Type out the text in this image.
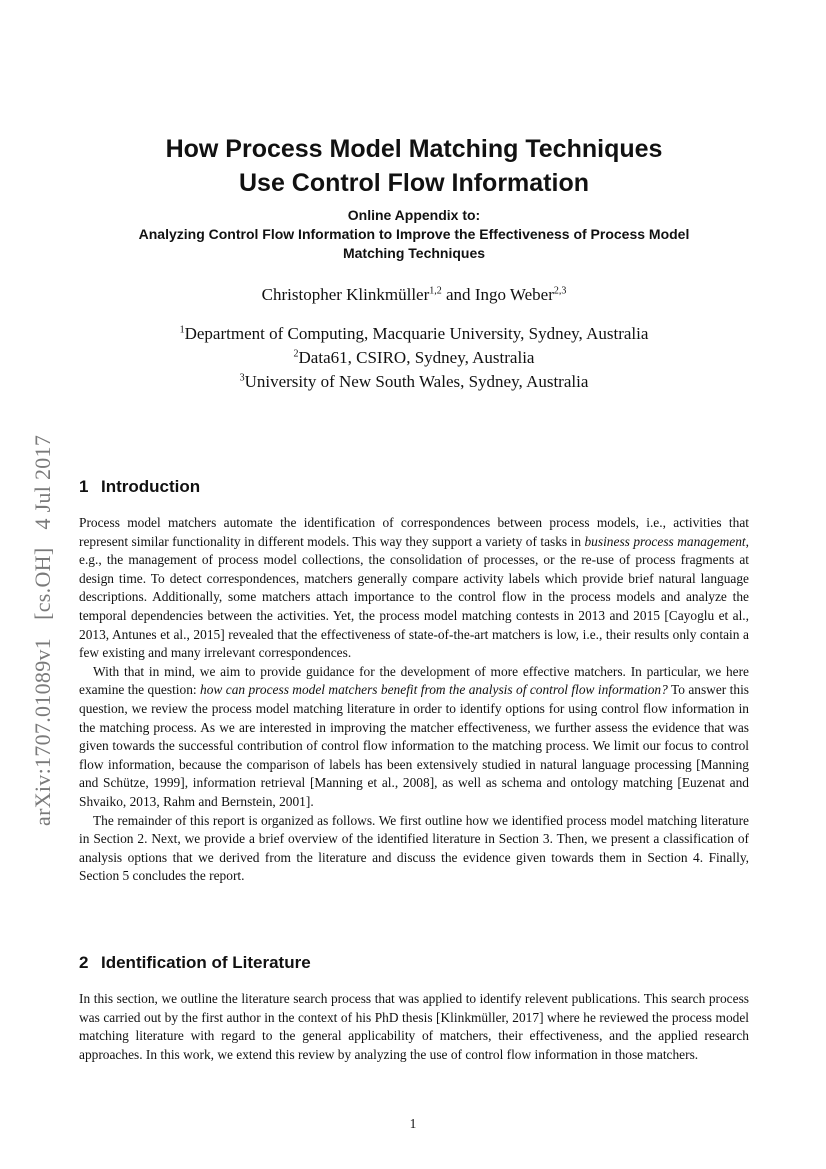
arXiv:1707.01089v1[cs.OH]4 Jul 2017
How Process Model Matching Techniques
Use Control Flow Information
Online Appendix to:
Analyzing Control Flow Information to Improve the Effectiveness of Process Model
Matching Techniques
Christopher Klinkmüller$^{1,2}$ and Ingo Weber$^{2,3}$
$^1$Department of Computing, Macquarie University, Sydney, Australia
$^2$Data61, CSIRO, Sydney, Australia
$^3$University of New South Wales, Sydney, Australia
1 Introduction

Process model matchers automate the identification of correspondences between process models, i.e., activities that represent similar functionality in different models. This way they support a variety of tasks in business process management, e.g., the management of process model collections, the consolidation of processes, or the re-use of process fragments at design time. To detect correspondences, matchers generally compare activity labels which provide brief natural language descriptions. Additionally, some matchers attach importance to the control flow in the process models and analyze the temporal dependencies between the activities. Yet, the process model matching contests in 2013 and 2015 [Cayoglu et al., 2013, Antunes et al., 2015] revealed that the effectiveness of state-of-the-art matchers is low, i.e., their results only contain a few existing and many irrelevant correspondences.

With that in mind, we aim to provide guidance for the development of more effective matchers. In particular, we here examine the question: how can process model matchers benefit from the analysis of control flow information? To answer this question, we review the process model matching literature in order to identify options for using control flow information in the matching process. As we are interested in improving the matcher effectiveness, we further assess the evidence that was given towards the successful contribution of control flow information to the matching process. We limit our focus to control flow information, because the comparison of labels has been extensively studied in natural language processing [Manning and Schütze, 1999], information retrieval [Manning et al., 2008], as well as schema and ontology matching [Euzenat and Shvaiko, 2013, Rahm and Bernstein, 2001].

The remainder of this report is organized as follows. We first outline how we identified process model matching literature in Section 2. Next, we provide a brief overview of the identified literature in Section 3. Then, we present a classification of analysis options that we derived from the literature and discuss the evidence given towards them in Section 4. Finally, Section 5 concludes the report.

2 Identification of Literature

In this section, we outline the literature search process that was applied to identify relevent publications. This search process was carried out by the first author in the context of his PhD thesis [Klinkmüller, 2017] where he reviewed the process model matching literature with regard to the general applicability of matchers, their effectiveness, and the applied research approaches. In this work, we extend this review by analyzing the use of control flow information in those matchers.

1
